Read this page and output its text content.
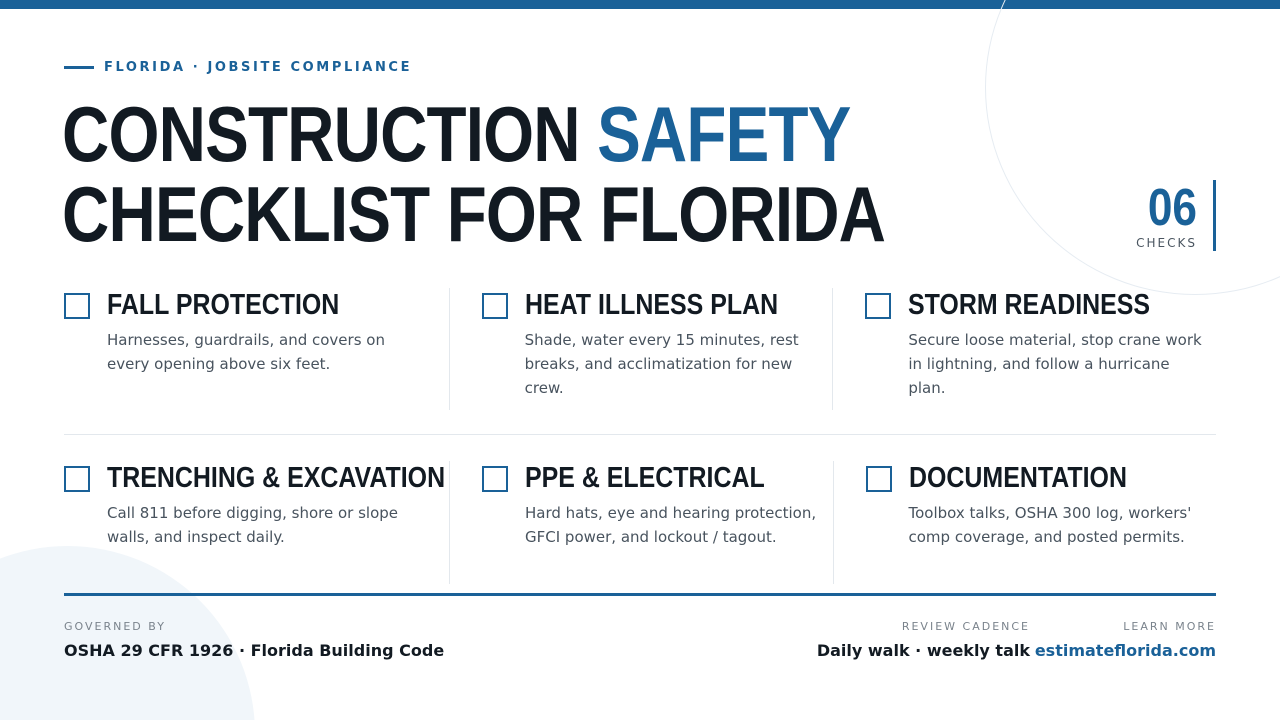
FLORIDA · JOBSITE COMPLIANCE
CONSTRUCTION SAFETY
CHECKLIST FOR FLORIDA	06
CHECKS
FALL PROTECTION
Harnesses, guardrails, and covers on every opening above six feet.
HEAT ILLNESS PLAN
Shade, water every 15 minutes, rest breaks, and acclimatization for new crew.
STORM READINESS
Secure loose material, stop crane work in lightning, and follow a hurricane plan.
TRENCHING & EXCAVATION
Call 811 before digging, shore or slope walls, and inspect daily.
PPE & ELECTRICAL
Hard hats, eye and hearing protection, GFCI power, and lockout / tagout.
DOCUMENTATION
Toolbox talks, OSHA 300 log, workers' comp coverage, and posted permits.
GOVERNED BY
OSHA 29 CFR 1926 · Florida Building Code
REVIEW CADENCE
Daily walk · weekly talk
LEARN MORE
estimateflorida.com
